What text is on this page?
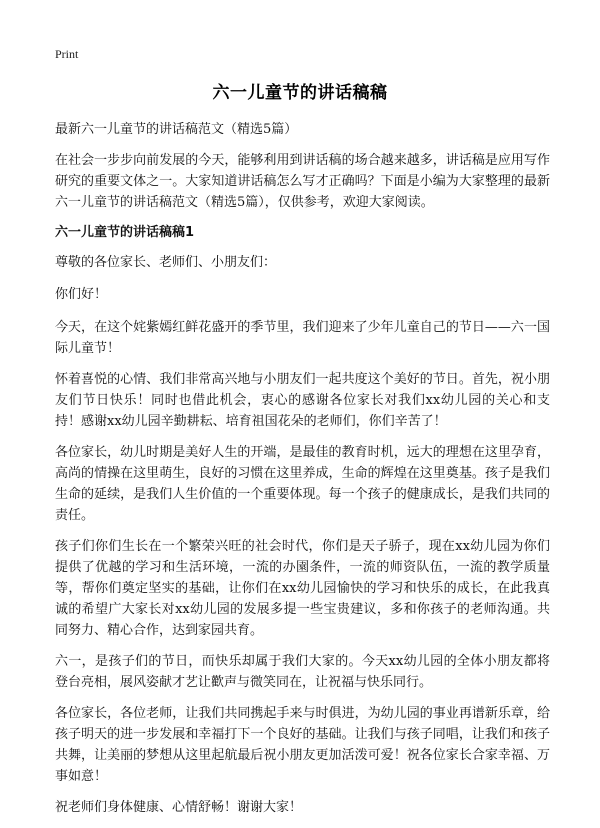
Print
六一儿童节的讲话稿稿
最新六一儿童节的讲话稿范文（精选5篇）

在社会一步步向前发展的今天，能够利用到讲话稿的场合越来越多，讲话稿是应用写作研究的重要文体之一。大家知道讲话稿怎么写才正确吗？下面是小编为大家整理的最新六一儿童节的讲话稿范文（精选5篇），仅供参考，欢迎大家阅读。

六一儿童节的讲话稿稿1
尊敬的各位家长、老师们、小朋友们：
你们好！

今天，在这个姹紫嫣红鲜花盛开的季节里，我们迎来了少年儿童自己的节日——六一国际儿童节！

怀着喜悦的心情、我们非常高兴地与小朋友们一起共度这个美好的节日。首先，祝小朋友们节日快乐！同时也借此机会，衷心的感谢各位家长对我们xx幼儿园的关心和支持！感谢xx幼儿园辛勤耕耘、培育祖国花朵的老师们，你们辛苦了！

各位家长，幼儿时期是美好人生的开端，是最佳的教育时机，远大的理想在这里孕育，高尚的情操在这里萌生，良好的习惯在这里养成，生命的辉煌在这里奠基。孩子是我们生命的延续，是我们人生价值的一个重要体现。每一个孩子的健康成长，是我们共同的责任。

孩子们你们生长在一个繁荣兴旺的社会时代，你们是天子骄子，现在xx幼儿园为你们提供了优越的学习和生活环境，一流的办園条件，一流的师资队伍，一流的教学质量等，帮你们奠定坚实的基础，让你们在xx幼儿园愉快的学习和快乐的成长，在此我真诚的希望广大家长对xx幼儿园的发展多提一些宝贵建议，多和你孩子的老师沟通。共同努力、精心合作，达到家园共育。

六一，是孩子们的节日，而快乐却属于我们大家的。今天xx幼儿园的全体小朋友都将登台亮相，展风姿献才艺让歡声与微笑同在，让祝福与快乐同行。

各位家长，各位老师，让我们共同携起手来与时俱进，为幼儿园的事业再谱新乐章，给孩子明天的进一步发展和幸福打下一个良好的基础。让我们与孩子同唱，让我们和孩子共舞，让美丽的梦想从这里起航最后祝小朋友更加活泼可爱！祝各位家长合家幸福、万事如意！

祝老师们身体健康、心情舒畅！谢谢大家！
